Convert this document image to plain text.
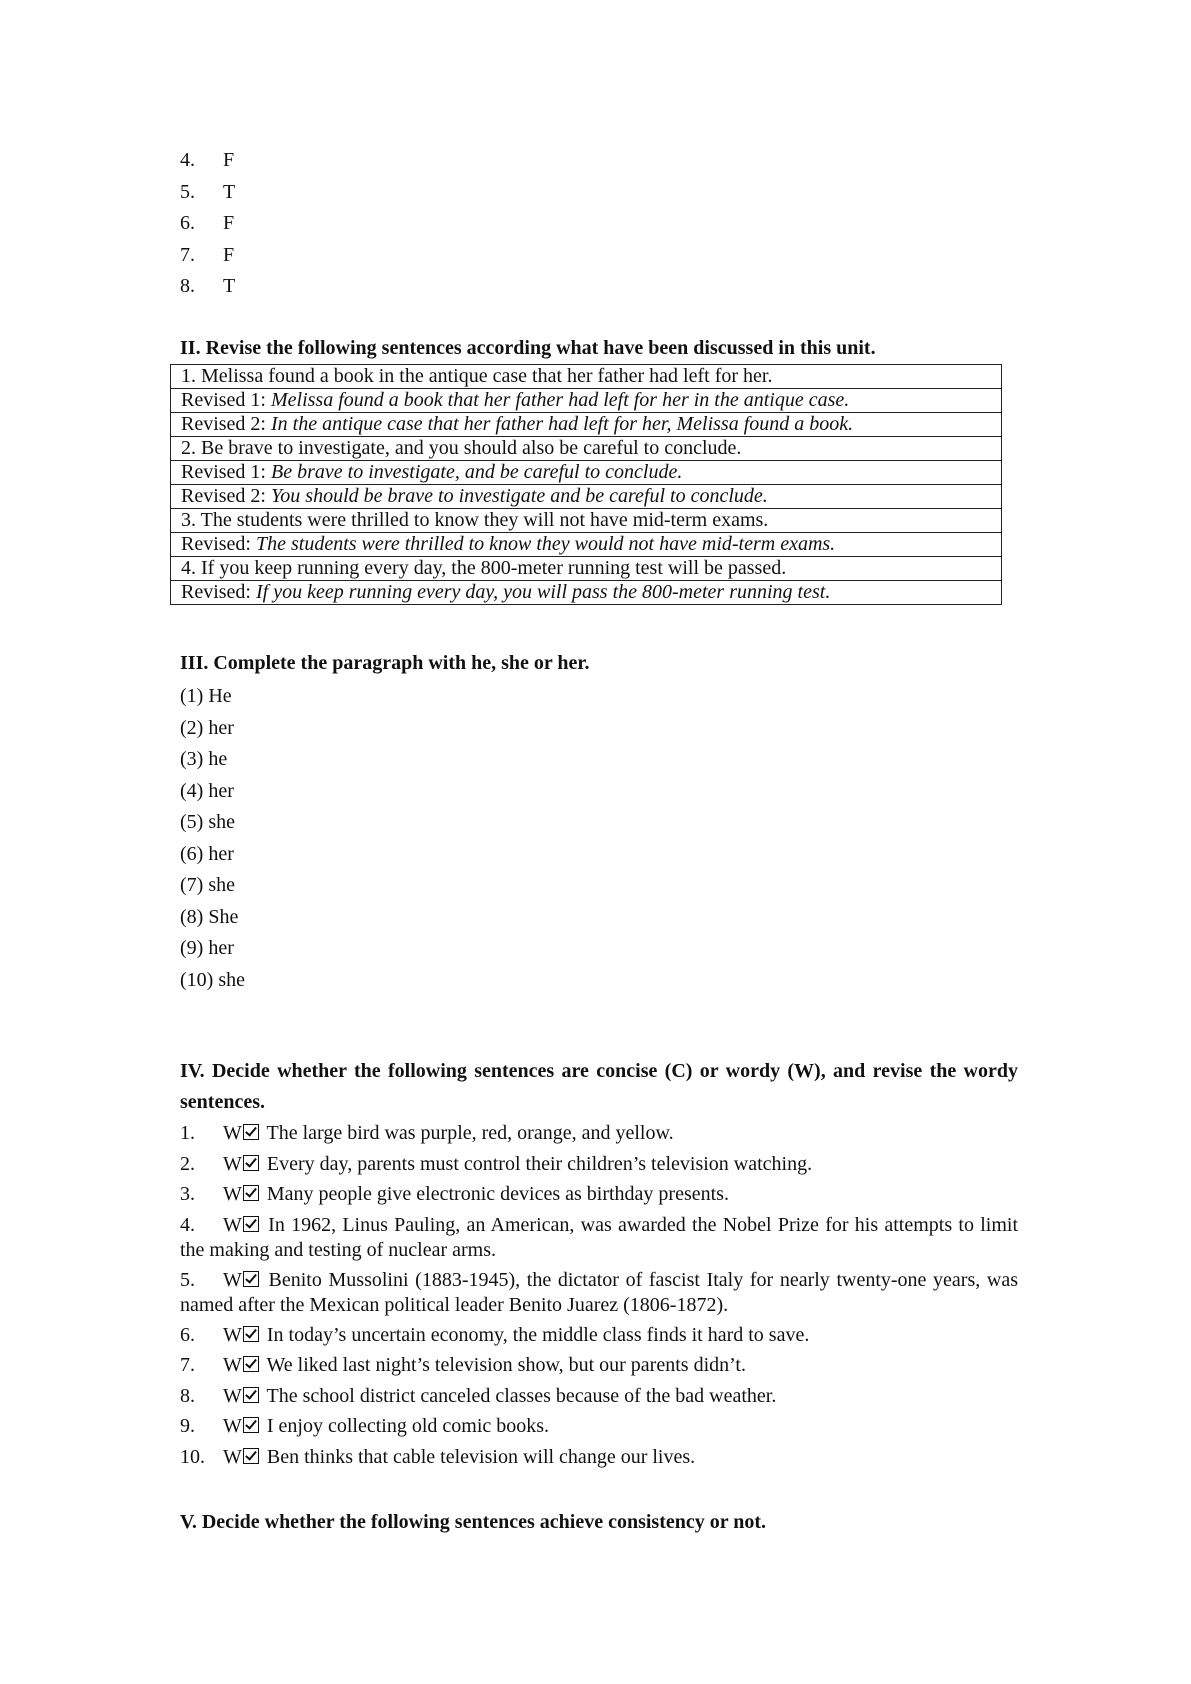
4.	F
5.	T
6.	F
7.	F
8.	T
II. Revise the following sentences according what have been discussed in this unit.
1. Melissa found a book in the antique case that her father had left for her.
Revised 1: Melissa found a book that her father had left for her in the antique case.
Revised 2: In the antique case that her father had left for her, Melissa found a book.
2. Be brave to investigate, and you should also be careful to conclude.
Revised 1: Be brave to investigate, and be careful to conclude.
Revised 2: You should be brave to investigate and be careful to conclude.
3. The students were thrilled to know they will not have mid-term exams.
Revised: The students were thrilled to know they would not have mid-term exams.
4. If you keep running every day, the 800-meter running test will be passed.
Revised: If you keep running every day, you will pass the 800-meter running test.
III. Complete the paragraph with he, she or her.
(1) He
(2) her
(3) he
(4) her
(5) she
(6) her
(7) she
(8) She
(9) her
(10) she
IV. Decide whether the following sentences are concise (C) or wordy (W), and revise the wordy sentences.
1. W The large bird was purple, red, orange, and yellow.
2. W Every day, parents must control their children’s television watching.
3. W Many people give electronic devices as birthday presents.
4. W In 1962, Linus Pauling, an American, was awarded the Nobel Prize for his attempts to limit the making and testing of nuclear arms.
5. W Benito Mussolini (1883-1945), the dictator of fascist Italy for nearly twenty-one years, was named after the Mexican political leader Benito Juarez (1806-1872).
6. W In today’s uncertain economy, the middle class finds it hard to save.
7. W We liked last night’s television show, but our parents didn’t.
8. W The school district canceled classes because of the bad weather.
9. W I enjoy collecting old comic books.
10. W Ben thinks that cable television will change our lives.
V. Decide whether the following sentences achieve consistency or not.
